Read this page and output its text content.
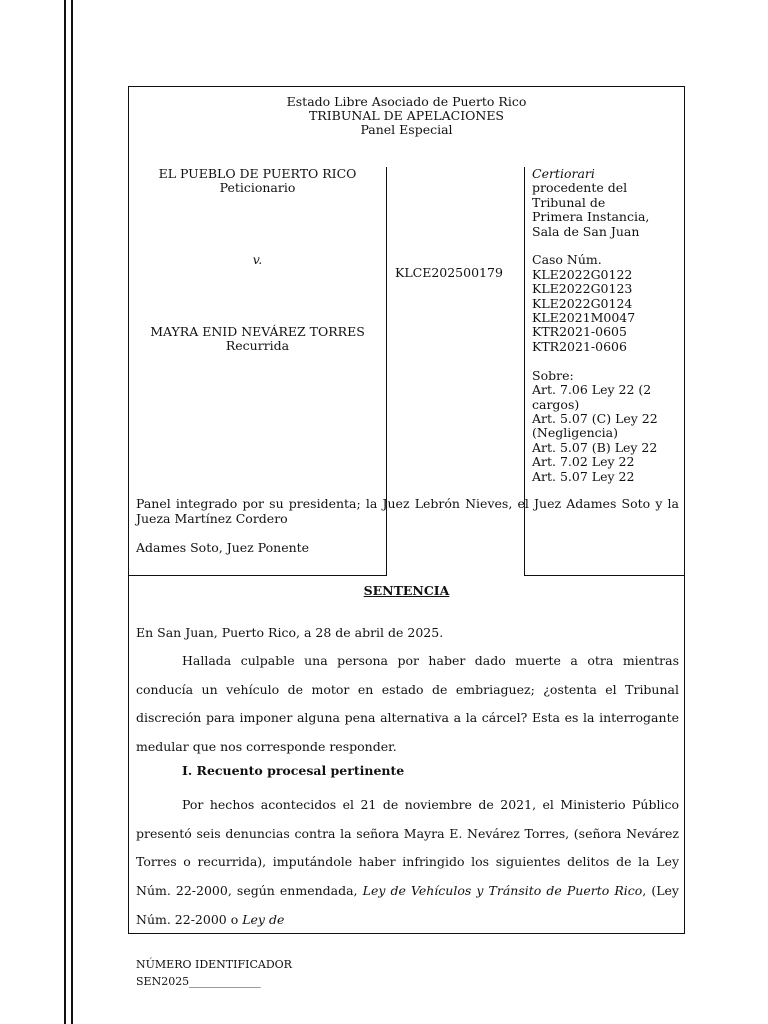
Estado Libre Asociado de Puerto Rico
TRIBUNAL DE APELACIONES
Panel Especial
EL PUEBLO DE PUERTO RICO
Peticionario
v.
MAYRA ENID NEVÁREZ TORRES
Recurrida
KLCE202500179
Certiorari
procedente del
Tribunal de
Primera Instancia,
Sala de San Juan

Caso Núm.
KLE2022G0122
KLE2022G0123
KLE2022G0124
KLE2021M0047
KTR2021-0605
KTR2021-0606

Sobre:
Art. 7.06 Ley 22 (2
cargos)
Art. 5.07 (C) Ley 22
(Negligencia)
Art. 5.07 (B) Ley 22
Art. 7.02 Ley 22
Art. 5.07 Ley 22
Panel integrado por su presidenta; la Juez Lebrón Nieves, el Juez Adames Soto y la Jueza Martínez Cordero
Adames Soto, Juez Ponente
SENTENCIA
En San Juan, Puerto Rico, a 28 de abril de 2025.
Hallada culpable una persona por haber dado muerte a otra mientras conducía un vehículo de motor en estado de embriaguez; ¿ostenta el Tribunal discreción para imponer alguna pena alternativa a la cárcel? Esta es la interrogante medular que nos corresponde responder.
I. Recuento procesal pertinente
Por hechos acontecidos el 21 de noviembre de 2021, el Ministerio Público presentó seis denuncias contra la señora Mayra E. Nevárez Torres, (señora Nevárez Torres o recurrida), imputándole haber infringido los siguientes delitos de la Ley Núm. 22-2000, según enmendada, Ley de Vehículos y Tránsito de Puerto Rico, (Ley Núm. 22-2000 o Ley de
NÚMERO IDENTIFICADOR
SEN2025_____________
